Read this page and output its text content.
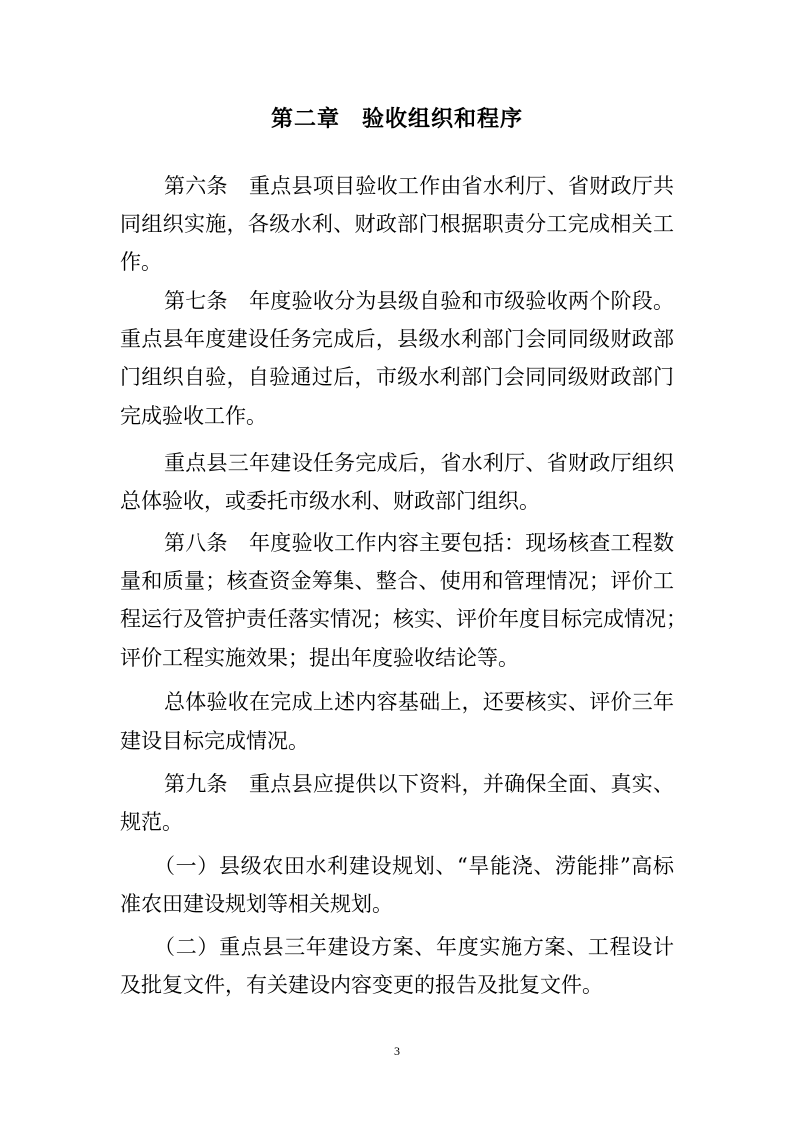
第二章 验收组织和程序
第六条　重点县项目验收工作由省水利厅、省财政厅共
同组织实施，各级水利、财政部门根据职责分工完成相关工
作。
第七条　年度验收分为县级自验和市级验收两个阶段。
重点县年度建设任务完成后，县级水利部门会同同级财政部
门组织自验，自验通过后，市级水利部门会同同级财政部门
完成验收工作。
重点县三年建设任务完成后，省水利厅、省财政厅组织
总体验收，或委托市级水利、财政部门组织。
第八条　年度验收工作内容主要包括：现场核查工程数
量和质量；核查资金筹集、整合、使用和管理情况；评价工
程运行及管护责任落实情况；核实、评价年度目标完成情况；
评价工程实施效果；提出年度验收结论等。
总体验收在完成上述内容基础上，还要核实、评价三年
建设目标完成情况。
第九条　重点县应提供以下资料，并确保全面、真实、
规范。
（一）县级农田水利建设规划、“旱能浇、涝能排”高标
准农田建设规划等相关规划。
（二）重点县三年建设方案、年度实施方案、工程设计
及批复文件，有关建设内容变更的报告及批复文件。
3
